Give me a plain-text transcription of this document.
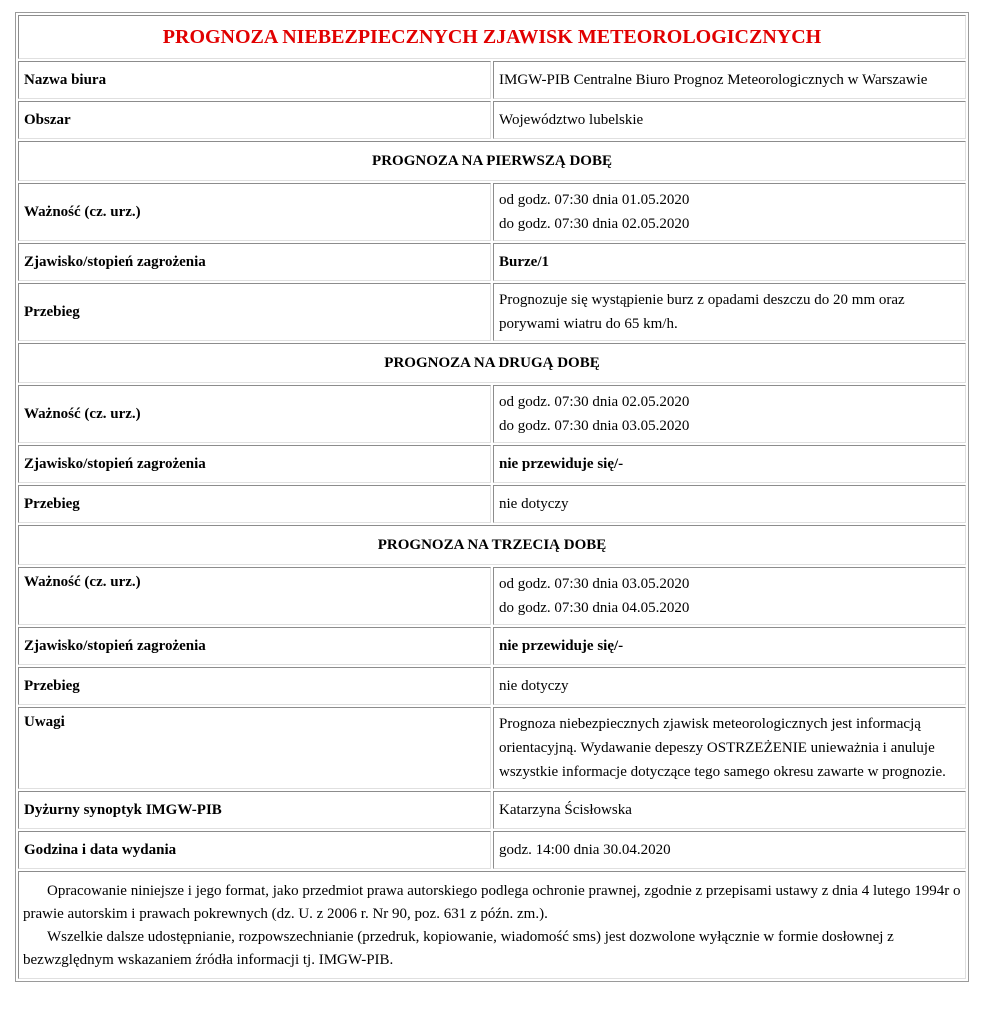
PROGNOZA NIEBEZPIECZNYCH ZJAWISK METEOROLOGICZNYCH	
Nazwa biura	IMGW-PIB Centralne Biuro Prognoz Meteorologicznych w Warszawie
Obszar	Województwo lubelskie
PROGNOZA NA PIERWSZĄ DOBĘ	
Ważność (cz. urz.)	od godz. 07:30 dnia 01.05.2020
do godz. 07:30 dnia 02.05.2020

Zjawisko/stopień zagrożenia	Burze/1
Przebieg	Prognozuje się wystąpienie burz z opadami deszczu do 20 mm oraz porywami wiatru do 65 km/h.
PROGNOZA NA DRUGĄ DOBĘ	
Ważność (cz. urz.)	od godz. 07:30 dnia 02.05.2020
do godz. 07:30 dnia 03.05.2020

Zjawisko/stopień zagrożenia	nie przewiduje się/-
Przebieg	nie dotyczy
PROGNOZA NA TRZECIĄ DOBĘ	
Ważność (cz. urz.)	od godz. 07:30 dnia 03.05.2020
do godz. 07:30 dnia 04.05.2020

Zjawisko/stopień zagrożenia	nie przewiduje się/-
Przebieg	nie dotyczy
Uwagi	Prognoza niebezpiecznych zjawisk meteorologicznych jest informacją orientacyjną. Wydawanie depeszy OSTRZEŻENIE unieważnia i anuluje wszystkie informacje dotyczące tego samego okresu zawarte w prognozie.
Dyżurny synoptyk IMGW-PIB	Katarzyna Ścisłowska
Godzina i data wydania	godz. 14:00 dnia 30.04.2020

Opracowanie niniejsze i jego format, jako przedmiot prawa autorskiego podlega ochronie prawnej, zgodnie z przepisami ustawy z dnia 4 lutego 1994r o prawie autorskim i prawach pokrewnych (dz. U. z 2006 r. Nr 90, poz. 631 z późn. zm.).

Wszelkie dalsze udostępnianie, rozpowszechnianie (przedruk, kopiowanie, wiadomość sms) jest dozwolone wyłącznie w formie dosłownej z bezwzględnym wskazaniem źródła informacji tj. IMGW-PIB.	
